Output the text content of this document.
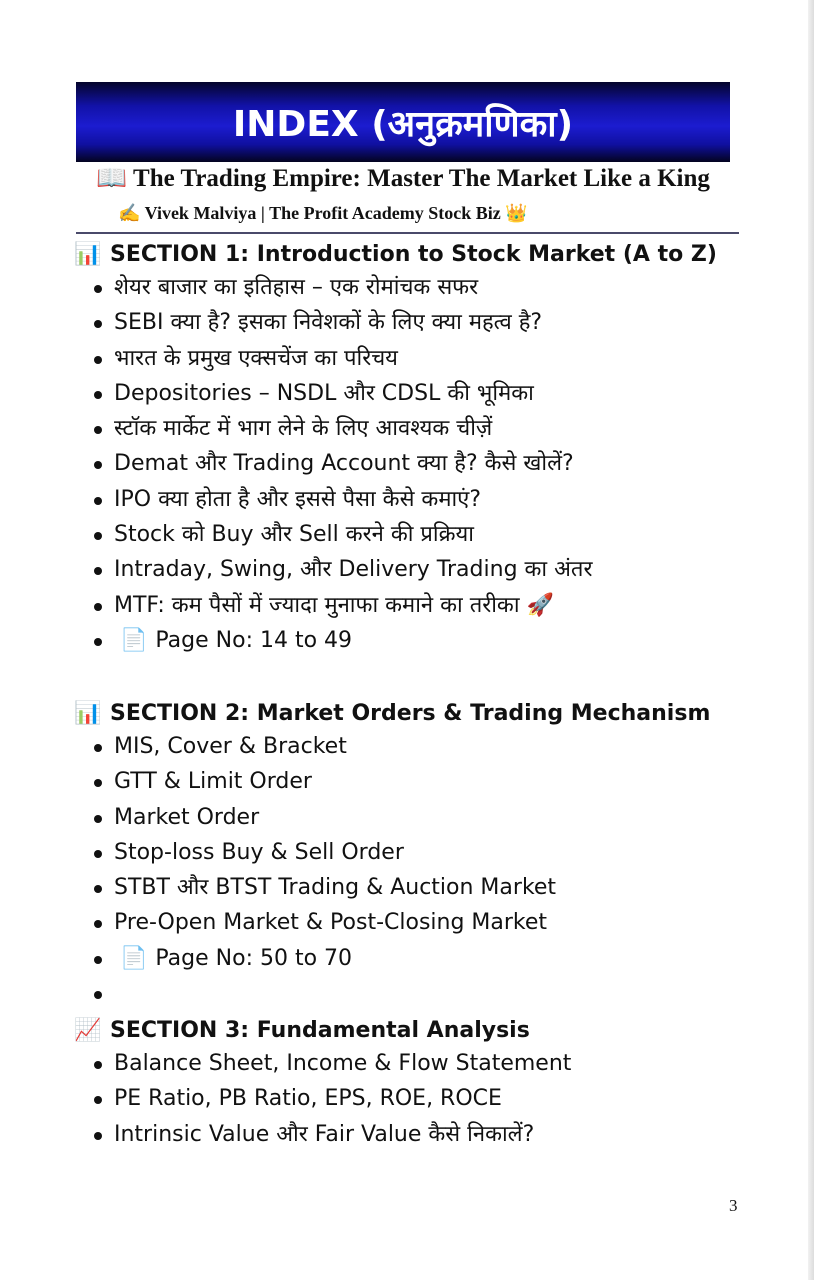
INDEX (अनुक्रमणिका)
📖 The Trading Empire: Master The Market Like a King
✍️ Vivek Malviya | The Profit Academy Stock Biz 👑
📊 SECTION 1: Introduction to Stock Market (A to Z)
शेयर बाजार का इतिहास – एक रोमांचक सफर
SEBI क्या है? इसका निवेशकों के लिए क्या महत्व है?
भारत के प्रमुख एक्सचेंज का परिचय
Depositories – NSDL और CDSL की भूमिका
स्टॉक मार्केट में भाग लेने के लिए आवश्यक चीज़ें
Demat और Trading Account क्या है? कैसे खोलें?
IPO क्या होता है और इससे पैसा कैसे कमाएं?
Stock को Buy और Sell करने की प्रक्रिया
Intraday, Swing, और Delivery Trading का अंतर
MTF: कम पैसों में ज्यादा मुनाफा कमाने का तरीका 🚀
📄 Page No: 14 to 49
📊 SECTION 2: Market Orders & Trading Mechanism
MIS, Cover & Bracket
GTT & Limit Order
Market Order
Stop-loss Buy & Sell Order
STBT और BTST Trading & Auction Market
Pre-Open Market & Post-Closing Market
📄 Page No: 50 to 70
📈 SECTION 3: Fundamental Analysis
Balance Sheet, Income & Flow Statement
PE Ratio, PB Ratio, EPS, ROE, ROCE
Intrinsic Value और Fair Value कैसे निकालें?
3
